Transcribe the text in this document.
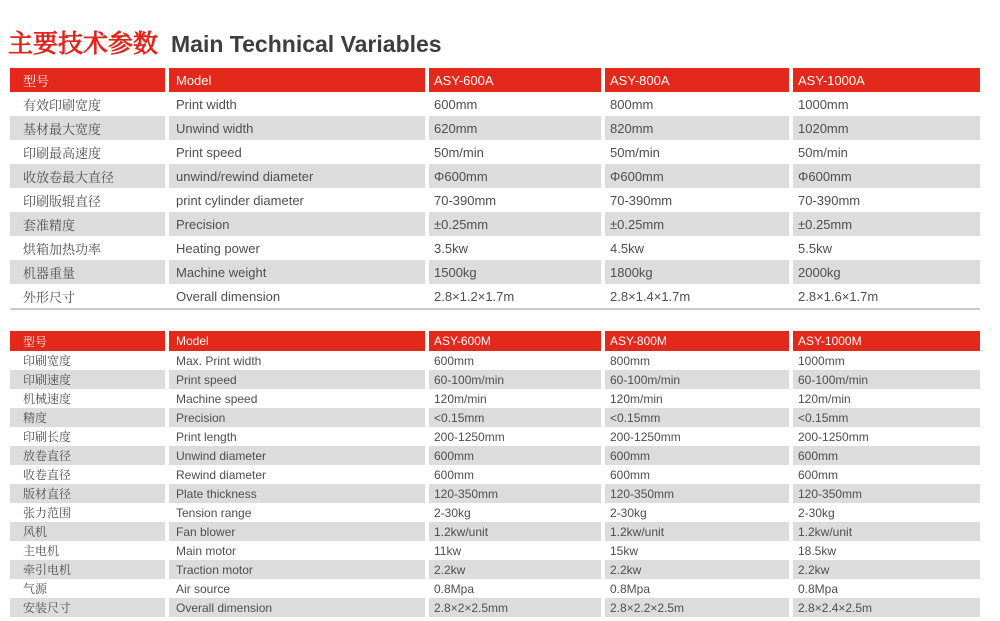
主要技术参数 Main Technical Variables
型号	Model	ASY-600A	ASY-800A	ASY-1000A
有效印刷宽度	Print width	600mm	800mm	1000mm
基材最大宽度	Unwind width	620mm	820mm	1020mm
印刷最高速度	Print speed	50m/min	50m/min	50m/min
收放卷最大直径	unwind/rewind diameter	Φ600mm	Φ600mm	Φ600mm
印刷版辊直径	print cylinder diameter	70-390mm	70-390mm	70-390mm
套准精度	Precision	±0.25mm	±0.25mm	±0.25mm
烘箱加热功率	Heating power	3.5kw	4.5kw	5.5kw
机器重量	Machine weight	1500kg	1800kg	2000kg
外形尺寸	Overall dimension	2.8×1.2×1.7m	2.8×1.4×1.7m	2.8×1.6×1.7m
型号	Model	ASY-600M	ASY-800M	ASY-1000M
印刷宽度	Max. Print width	600mm	800mm	1000mm
印刷速度	Print speed	60-100m/min	60-100m/min	60-100m/min
机械速度	Machine speed	120m/min	120m/min	120m/min
精度	Precision	<0.15mm	<0.15mm	<0.15mm
印刷长度	Print length	200-1250mm	200-1250mm	200-1250mm
放卷直径	Unwind diameter	600mm	600mm	600mm
收卷直径	Rewind diameter	600mm	600mm	600mm
版材直径	Plate thickness	120-350mm	120-350mm	120-350mm
张力范围	Tension range	2-30kg	2-30kg	2-30kg
风机	Fan blower	1.2kw/unit	1.2kw/unit	1.2kw/unit
主电机	Main motor	11kw	15kw	18.5kw
牵引电机	Traction motor	2.2kw	2.2kw	2.2kw
气源	Air source	0.8Mpa	0.8Mpa	0.8Mpa
安装尺寸	Overall dimension	2.8×2×2.5mm	2.8×2.2×2.5m	2.8×2.4×2.5m
